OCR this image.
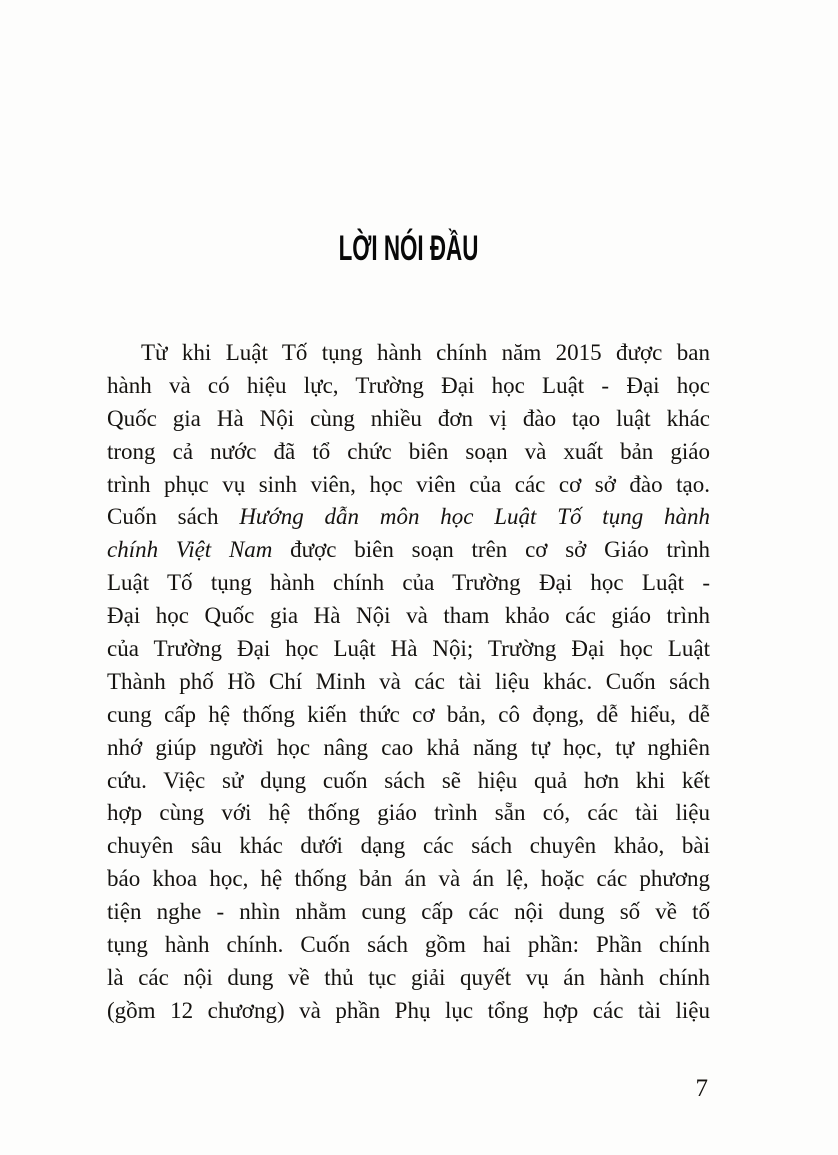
LỜI NÓI ĐẦU
Từ khi Luật Tố tụng hành chính năm 2015 được ban
hành và có hiệu lực, Trường Đại học Luật - Đại học
Quốc gia Hà Nội cùng nhiều đơn vị đào tạo luật khác
trong cả nước đã tổ chức biên soạn và xuất bản giáo
trình phục vụ sinh viên, học viên của các cơ sở đào tạo.
Cuốn sách Hướng dẫn môn học Luật Tố tụng hành
chính Việt Nam được biên soạn trên cơ sở Giáo trình
Luật Tố tụng hành chính của Trường Đại học Luật -
Đại học Quốc gia Hà Nội và tham khảo các giáo trình
của Trường Đại học Luật Hà Nội; Trường Đại học Luật
Thành phố Hồ Chí Minh và các tài liệu khác. Cuốn sách
cung cấp hệ thống kiến thức cơ bản, cô đọng, dễ hiểu, dễ
nhớ giúp người học nâng cao khả năng tự học, tự nghiên
cứu. Việc sử dụng cuốn sách sẽ hiệu quả hơn khi kết
hợp cùng với hệ thống giáo trình sẵn có, các tài liệu
chuyên sâu khác dưới dạng các sách chuyên khảo, bài
báo khoa học, hệ thống bản án và án lệ, hoặc các phương
tiện nghe - nhìn nhằm cung cấp các nội dung số về tố
tụng hành chính. Cuốn sách gồm hai phần: Phần chính
là các nội dung về thủ tục giải quyết vụ án hành chính
(gồm 12 chương) và phần Phụ lục tổng hợp các tài liệu
7
